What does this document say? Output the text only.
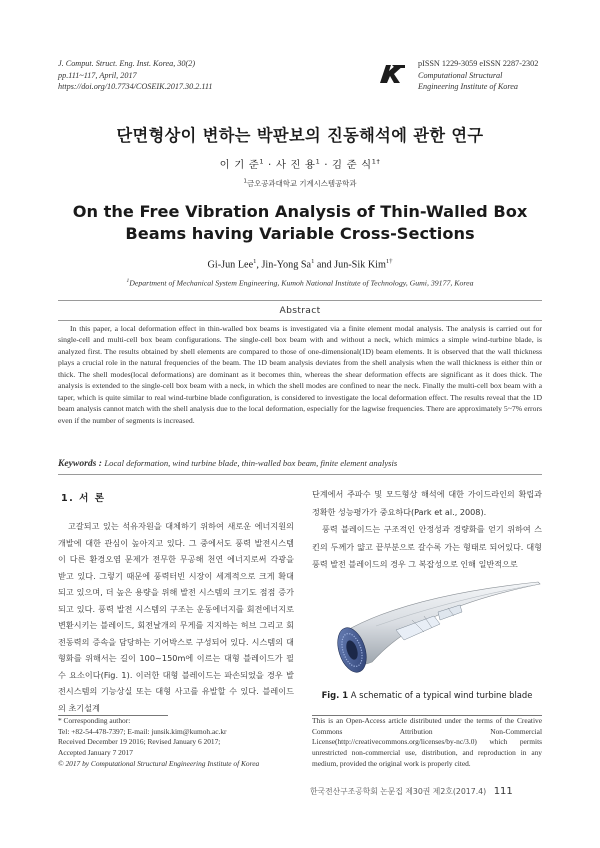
J. Comput. Struct. Eng. Inst. Korea, 30(2)
pp.111~117, April, 2017
https://doi.org/10.7734/COSEIK.2017.30.2.111
pISSN 1229-3059 eISSN 2287-2302
Computational Structural
Engineering Institute of Korea
단면형상이 변하는 박판보의 진동해석에 관한 연구
이 기 준$^1$ · 사 진 용$^1$ · 김 준 식$^{1\dagger}$
$^1$금오공과대학교 기계시스템공학과
On the Free Vibration Analysis of Thin-Walled Box Beams having Variable Cross-Sections
Gi-Jun Lee$^1$, Jin-Yong Sa$^1$ and Jun-Sik Kim$^{1\dagger}$
$^1$Department of Mechanical System Engineering, Kumoh National Institute of Technology, Gumi, 39177, Korea
Abstract

In this paper, a local deformation effect in thin-walled box beams is investigated via a finite element modal analysis. The analysis is carried out for single-cell and multi-cell box beam configurations. The single-cell box beam with and without a neck, which mimics a simple wind-turbine blade, is analyzed first. The results obtained by shell elements are compared to those of one-dimensional(1D) beam elements. It is observed that the wall thickness plays a crucial role in the natural frequencies of the beam. The 1D beam analysis deviates from the shell analysis when the wall thickness is either thin or thick. The shell modes(local deformations) are dominant as it becomes thin, whereas the shear deformation effects are significant as it does thick. The analysis is extended to the single-cell box beam with a neck, in which the shell modes are confined to near the neck. Finally the multi-cell box beam with a taper, which is quite similar to real wind-turbine blade configuration, is considered to investigate the local deformation effect. The results reveal that the 1D beam analysis cannot match with the shell analysis due to the local deformation, especially for the lagwise frequencies. There are approximately 5~7% errors even if the number of segments is increased.

Keywords : Local deformation, wind turbine blade, thin-walled box beam, finite element analysis
1. 서 론

고갈되고 있는 석유자원을 대체하기 위하여 새로운 에너지원의 개발에 대한 관심이 높아지고 있다. 그 중에서도 풍력 발전시스템이 다른 환경오염 문제가 전무한 무공해 천연 에너지로써 각광을 받고 있다. 그렇기 때문에 풍력터빈 시장이 세계적으로 크게 확대되고 있으며, 더 높은 용량을 위해 발전 시스템의 크기도 점점 증가되고 있다. 풍력 발전 시스템의 구조는 운동에너지를 회전에너지로 변환시키는 블레이드, 회전날개의 무게를 지지하는 허브 그리고 회전동력의 증속을 담당하는 기어박스로 구성되어 있다. 시스템의 대형화를 위해서는 길이 100~150m에 이르는 대형 블레이드가 필수 요소이다(Fig. 1). 이러한 대형 블레이드는 파손되었을 경우 발전시스템의 기능상실 또는 대형 사고를 유발할 수 있다. 블레이드의 초기설계

단계에서 주파수 및 모드형상 해석에 대한 가이드라인의 확립과 정확한 성능평가가 중요하다(Park et al., 2008).

풍력 블레이드는 구조적인 안정성과 경량화를 얻기 위하여 스킨의 두께가 얇고 끝부분으로 갈수록 가는 형태로 되어있다. 대형 풍력 발전 블레이드의 경우 그 복잡성으로 인해 일반적으로

Fig. 1 A schematic of a typical wind turbine blade
* Corresponding author:
Tel: +82-54-478-7397; E-mail: junsik.kim@kumoh.ac.kr
Received December 19 2016; Revised January 6 2017;
Accepted January 7 2017
© 2017 by Computational Structural Engineering Institute of Korea

This is an Open-Access article distributed under the terms of the Creative Commons Attribution Non-Commercial License(http://creativecommons.org/licenses/by-nc/3.0) which permits unrestricted non-commercial use, distribution, and reproduction in any medium, provided the original work is properly cited.

한국전산구조공학회 논문집 제30권 제2호(2017.4) 111
